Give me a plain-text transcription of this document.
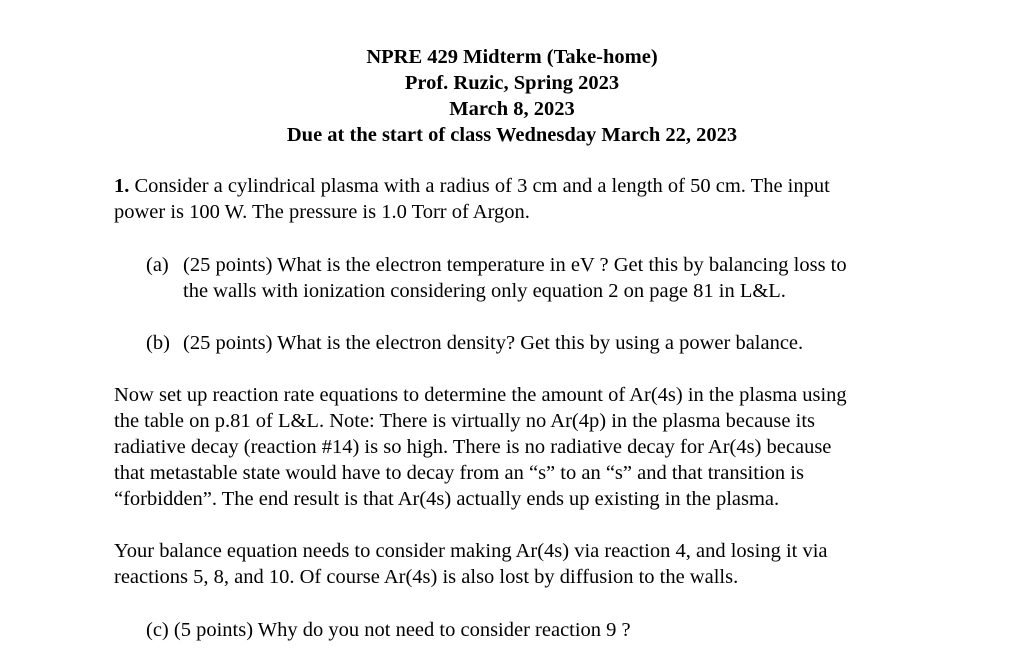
NPRE 429 Midterm (Take-home)
Prof. Ruzic, Spring 2023
March 8, 2023
Due at the start of class Wednesday March 22, 2023
1. Consider a cylindrical plasma with a radius of 3 cm and a length of 50 cm. The input
power is 100 W. The pressure is 1.0 Torr of Argon.
(a) (25 points) What is the electron temperature in eV ? Get this by balancing loss to
the walls with ionization considering only equation 2 on page 81 in L&L.
(b) (25 points) What is the electron density? Get this by using a power balance.
Now set up reaction rate equations to determine the amount of Ar(4s) in the plasma using
the table on p.81 of L&L. Note: There is virtually no Ar(4p) in the plasma because its
radiative decay (reaction #14) is so high. There is no radiative decay for Ar(4s) because
that metastable state would have to decay from an “s” to an “s” and that transition is
“forbidden”. The end result is that Ar(4s) actually ends up existing in the plasma.
Your balance equation needs to consider making Ar(4s) via reaction 4, and losing it via
reactions 5, 8, and 10. Of course Ar(4s) is also lost by diffusion to the walls.
(c) (5 points) Why do you not need to consider reaction 9 ?
